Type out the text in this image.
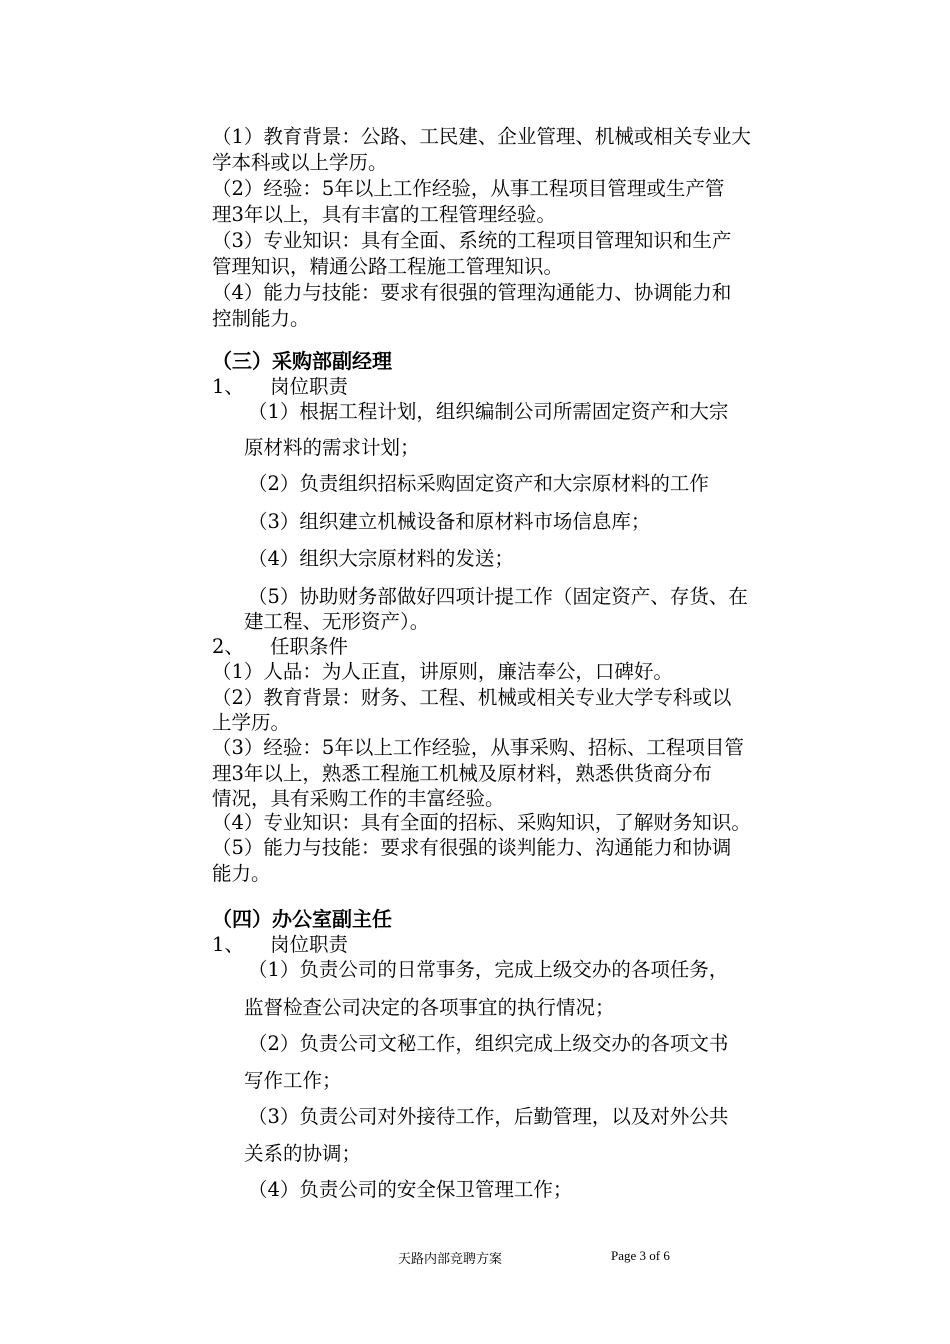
（1）教育背景：公路、工民建、企业管理、机械或相关专业大
学本科或以上学历。
（2）经验：5年以上工作经验，从事工程项目管理或生产管
理3年以上，具有丰富的工程管理经验。
（3）专业知识：具有全面、系统的工程项目管理知识和生产
管理知识，精通公路工程施工管理知识。
（4）能力与技能：要求有很强的管理沟通能力、协调能力和
控制能力。
（三）采购部副经理
1、 岗位职责
（1）根据工程计划，组织编制公司所需固定资产和大宗
原材料的需求计划；
（2）负责组织招标采购固定资产和大宗原材料的工作
（3）组织建立机械设备和原材料市场信息库；
（4）组织大宗原材料的发送；
（5）协助财务部做好四项计提工作（固定资产、存货、在
建工程、无形资产）。
2、 任职条件
（1）人品：为人正直，讲原则，廉洁奉公，口碑好。
（2）教育背景：财务、工程、机械或相关专业大学专科或以
上学历。
（3）经验：5年以上工作经验，从事采购、招标、工程项目管
理3年以上，熟悉工程施工机械及原材料，熟悉供货商分布
情况，具有采购工作的丰富经验。
（4）专业知识：具有全面的招标、采购知识，了解财务知识。
（5）能力与技能：要求有很强的谈判能力、沟通能力和协调
能力。
（四）办公室副主任
1、 岗位职责
（1）负责公司的日常事务，完成上级交办的各项任务，
监督检查公司决定的各项事宜的执行情况；
（2）负责公司文秘工作，组织完成上级交办的各项文书
写作工作；
（3）负责公司对外接待工作，后勤管理，以及对外公共
关系的协调；
（4）负责公司的安全保卫管理工作；
天路内部竞聘方案	Page 3 of 6
